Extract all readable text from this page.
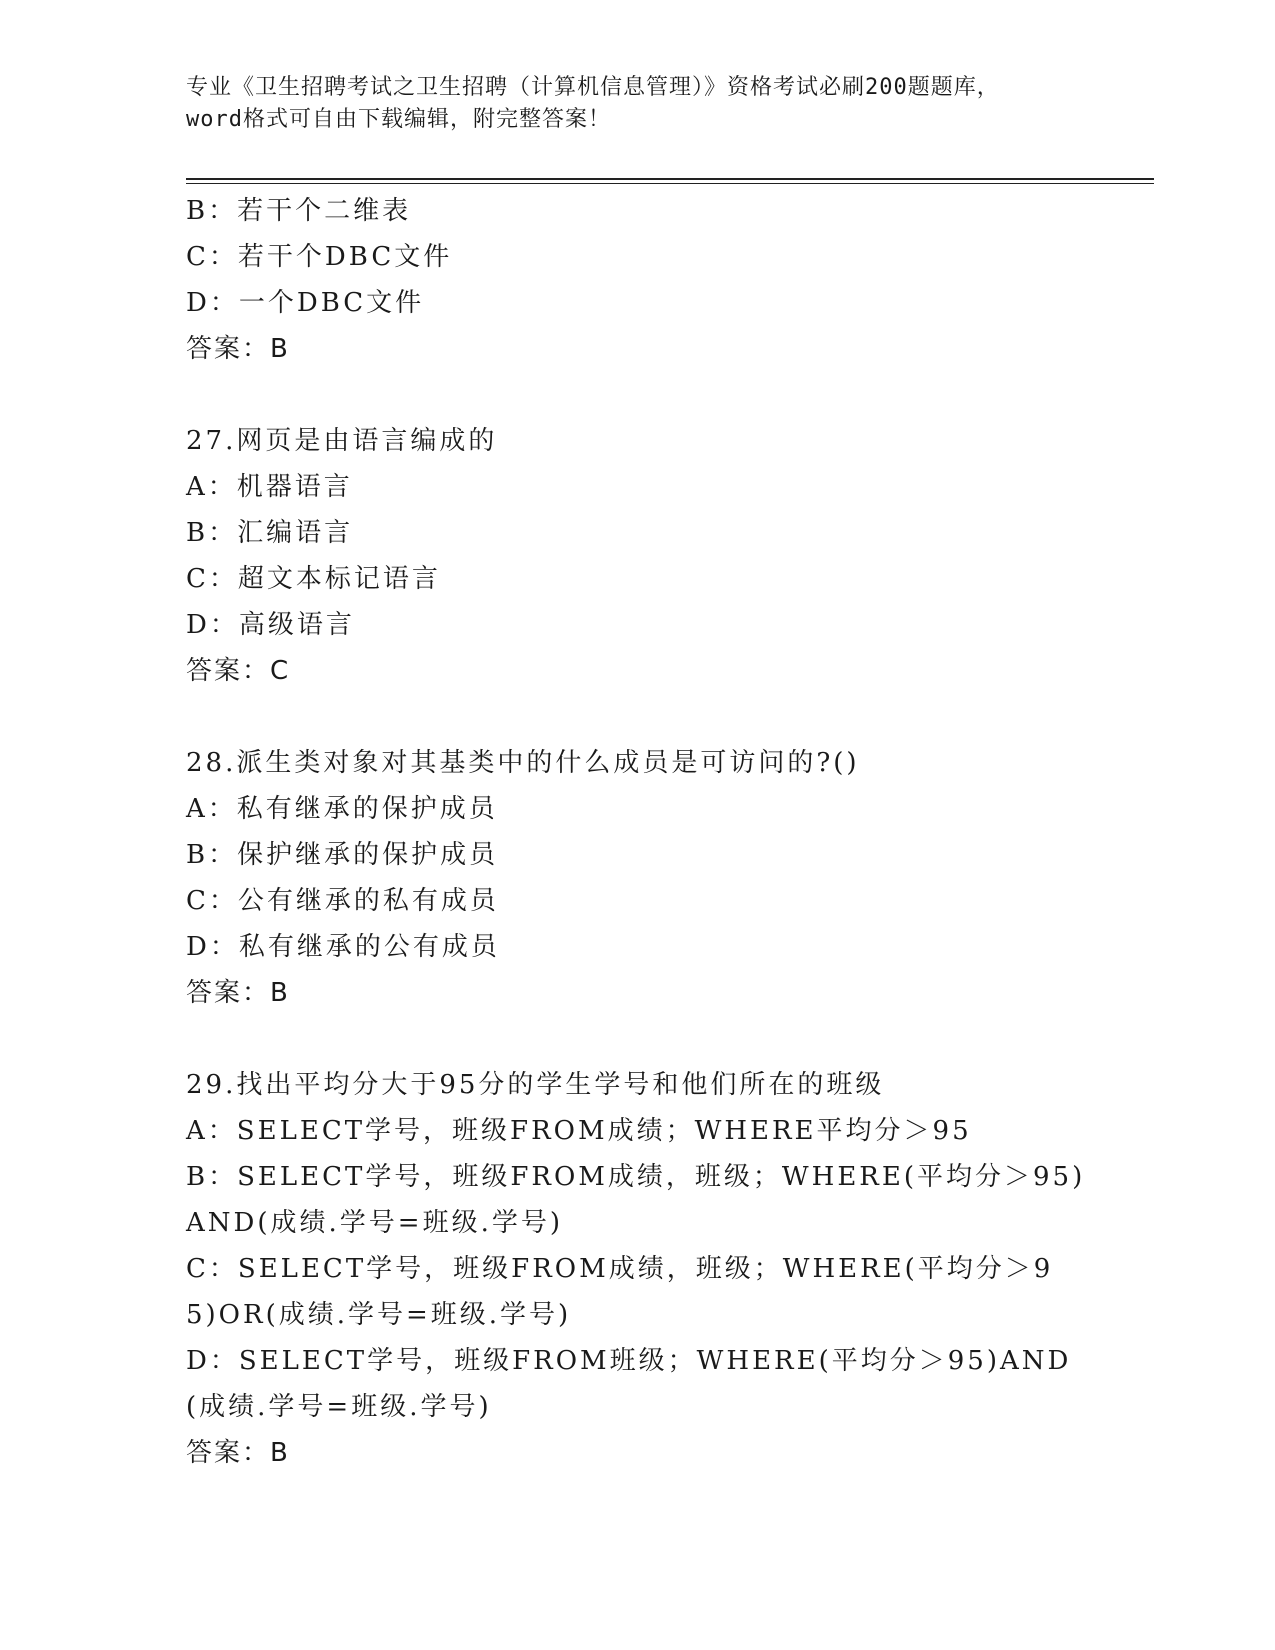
专业《卫生招聘考试之卫生招聘（计算机信息管理）》资格考试必刷200题题库，
word格式可自由下载编辑，附完整答案！
B：若干个二维表
C：若干个DBC文件
D：一个DBC文件
答案：B
27.网页是由语言编成的
A：机器语言
B：汇编语言
C：超文本标记语言
D：高级语言
答案：C
28.派生类对象对其基类中的什么成员是可访问的?()
A：私有继承的保护成员
B：保护继承的保护成员
C：公有继承的私有成员
D：私有继承的公有成员
答案：B
29.找出平均分大于95分的学生学号和他们所在的班级
A：SELECT学号，班级FROM成绩；WHERE平均分＞95
B：SELECT学号，班级FROM成绩，班级；WHERE(平均分＞95)AND(成绩.学号=班级.学号)
C：SELECT学号，班级FROM成绩，班级；WHERE(平均分＞95)OR(成绩.学号=班级.学号)
D：SELECT学号，班级FROM班级；WHERE(平均分＞95)AND(成绩.学号=班级.学号)
答案：B
